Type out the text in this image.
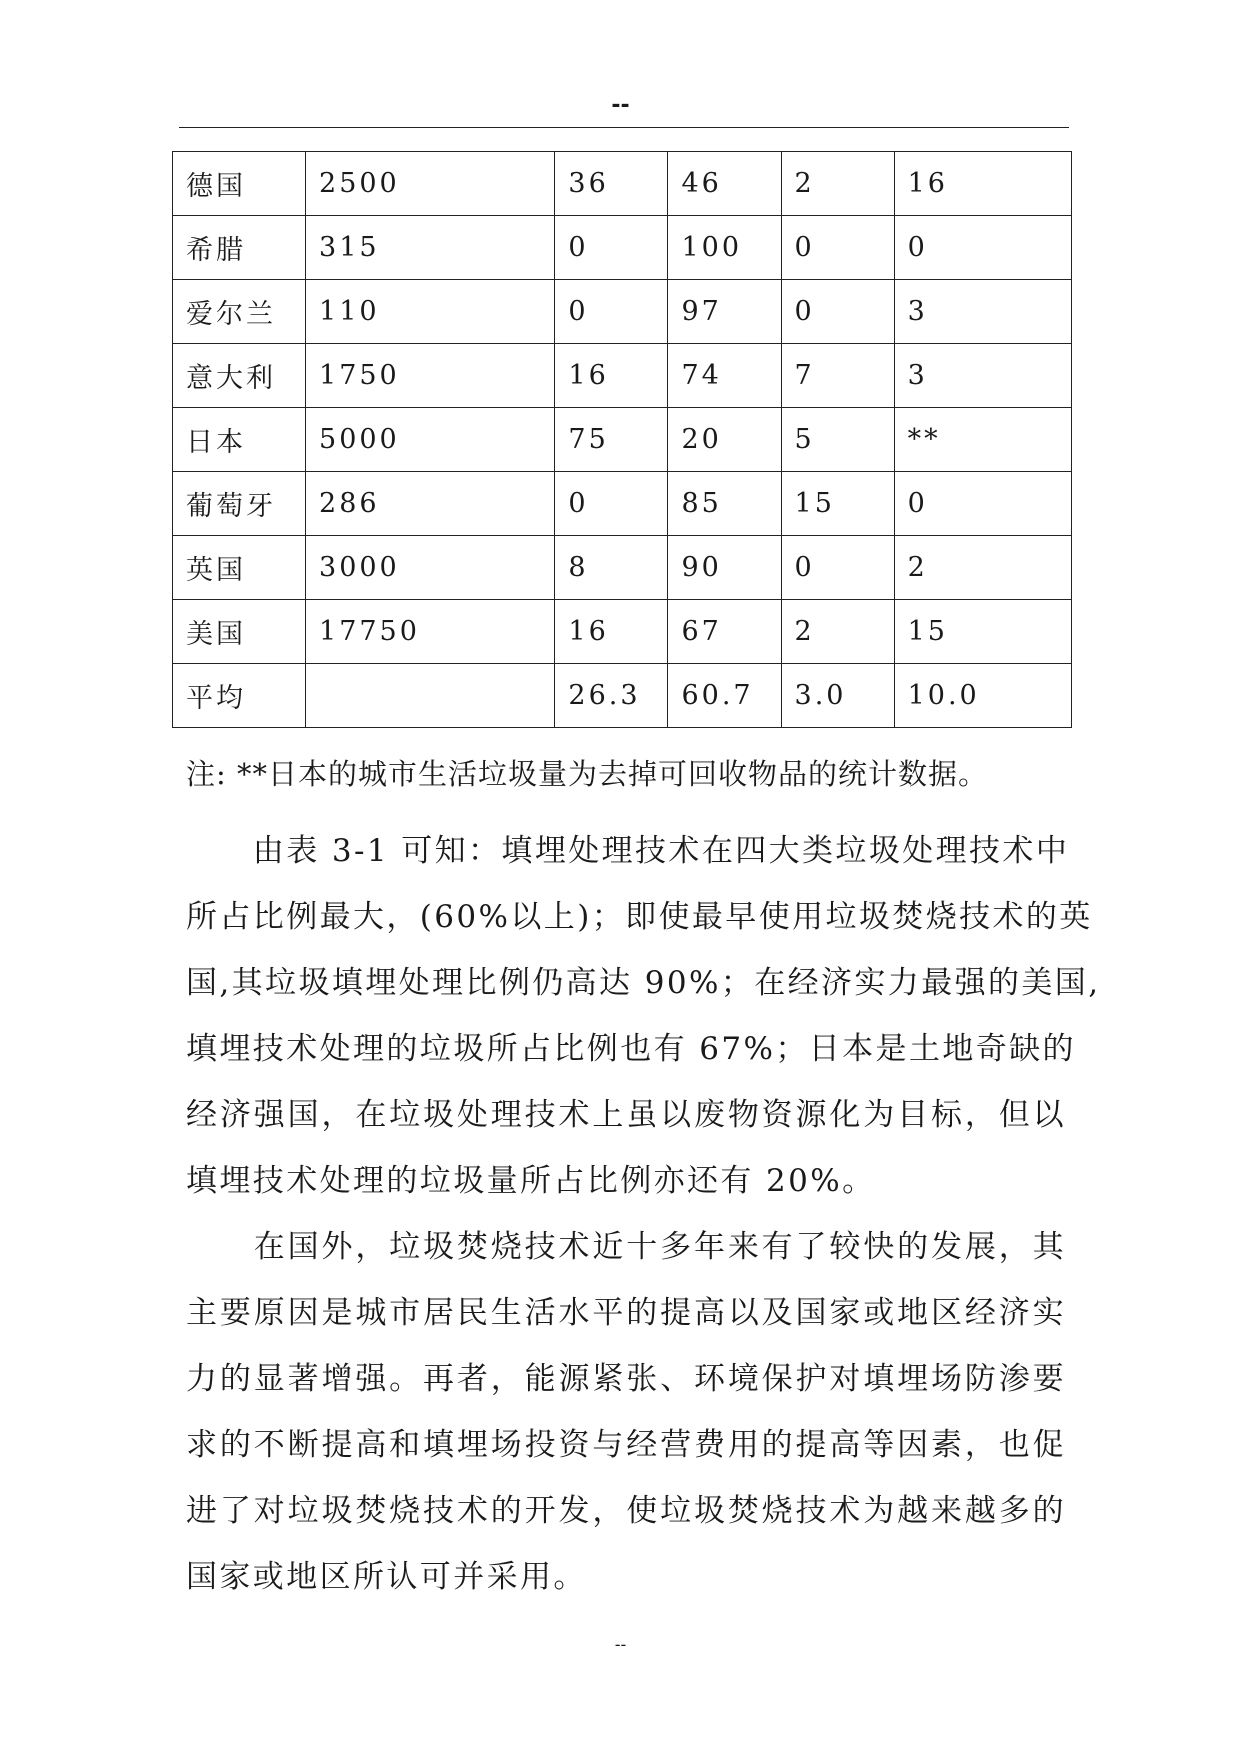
--
德国	2500	36	46	2	16
希腊	315	0	100	0	0
爱尔兰	110	0	97	0	3
意大利	1750	16	74	7	3
日本	5000	75	20	5	**
葡萄牙	286	0	85	15	0
英国	3000	8	90	0	2
美国	17750	16	67	2	15
平均		26.3	60.7	3.0	10.0
注: **日本的城市生活垃圾量为去掉可回收物品的统计数据。
　　由表 3-1 可知：填埋处理技术在四大类垃圾处理技术中
所占比例最大，(60%以上)；即使最早使用垃圾焚烧技术的英
国,其垃圾填埋处理比例仍高达 90%；在经济实力最强的美国,
填埋技术处理的垃圾所占比例也有 67%；日本是土地奇缺的
经济强国，在垃圾处理技术上虽以废物资源化为目标，但以
填埋技术处理的垃圾量所占比例亦还有 20%。
　　在国外，垃圾焚烧技术近十多年来有了较快的发展，其
主要原因是城市居民生活水平的提高以及国家或地区经济实
力的显著增强。再者，能源紧张、环境保护对填埋场防渗要
求的不断提高和填埋场投资与经营费用的提高等因素，也促
进了对垃圾焚烧技术的开发，使垃圾焚烧技术为越来越多的
国家或地区所认可并采用。
--
